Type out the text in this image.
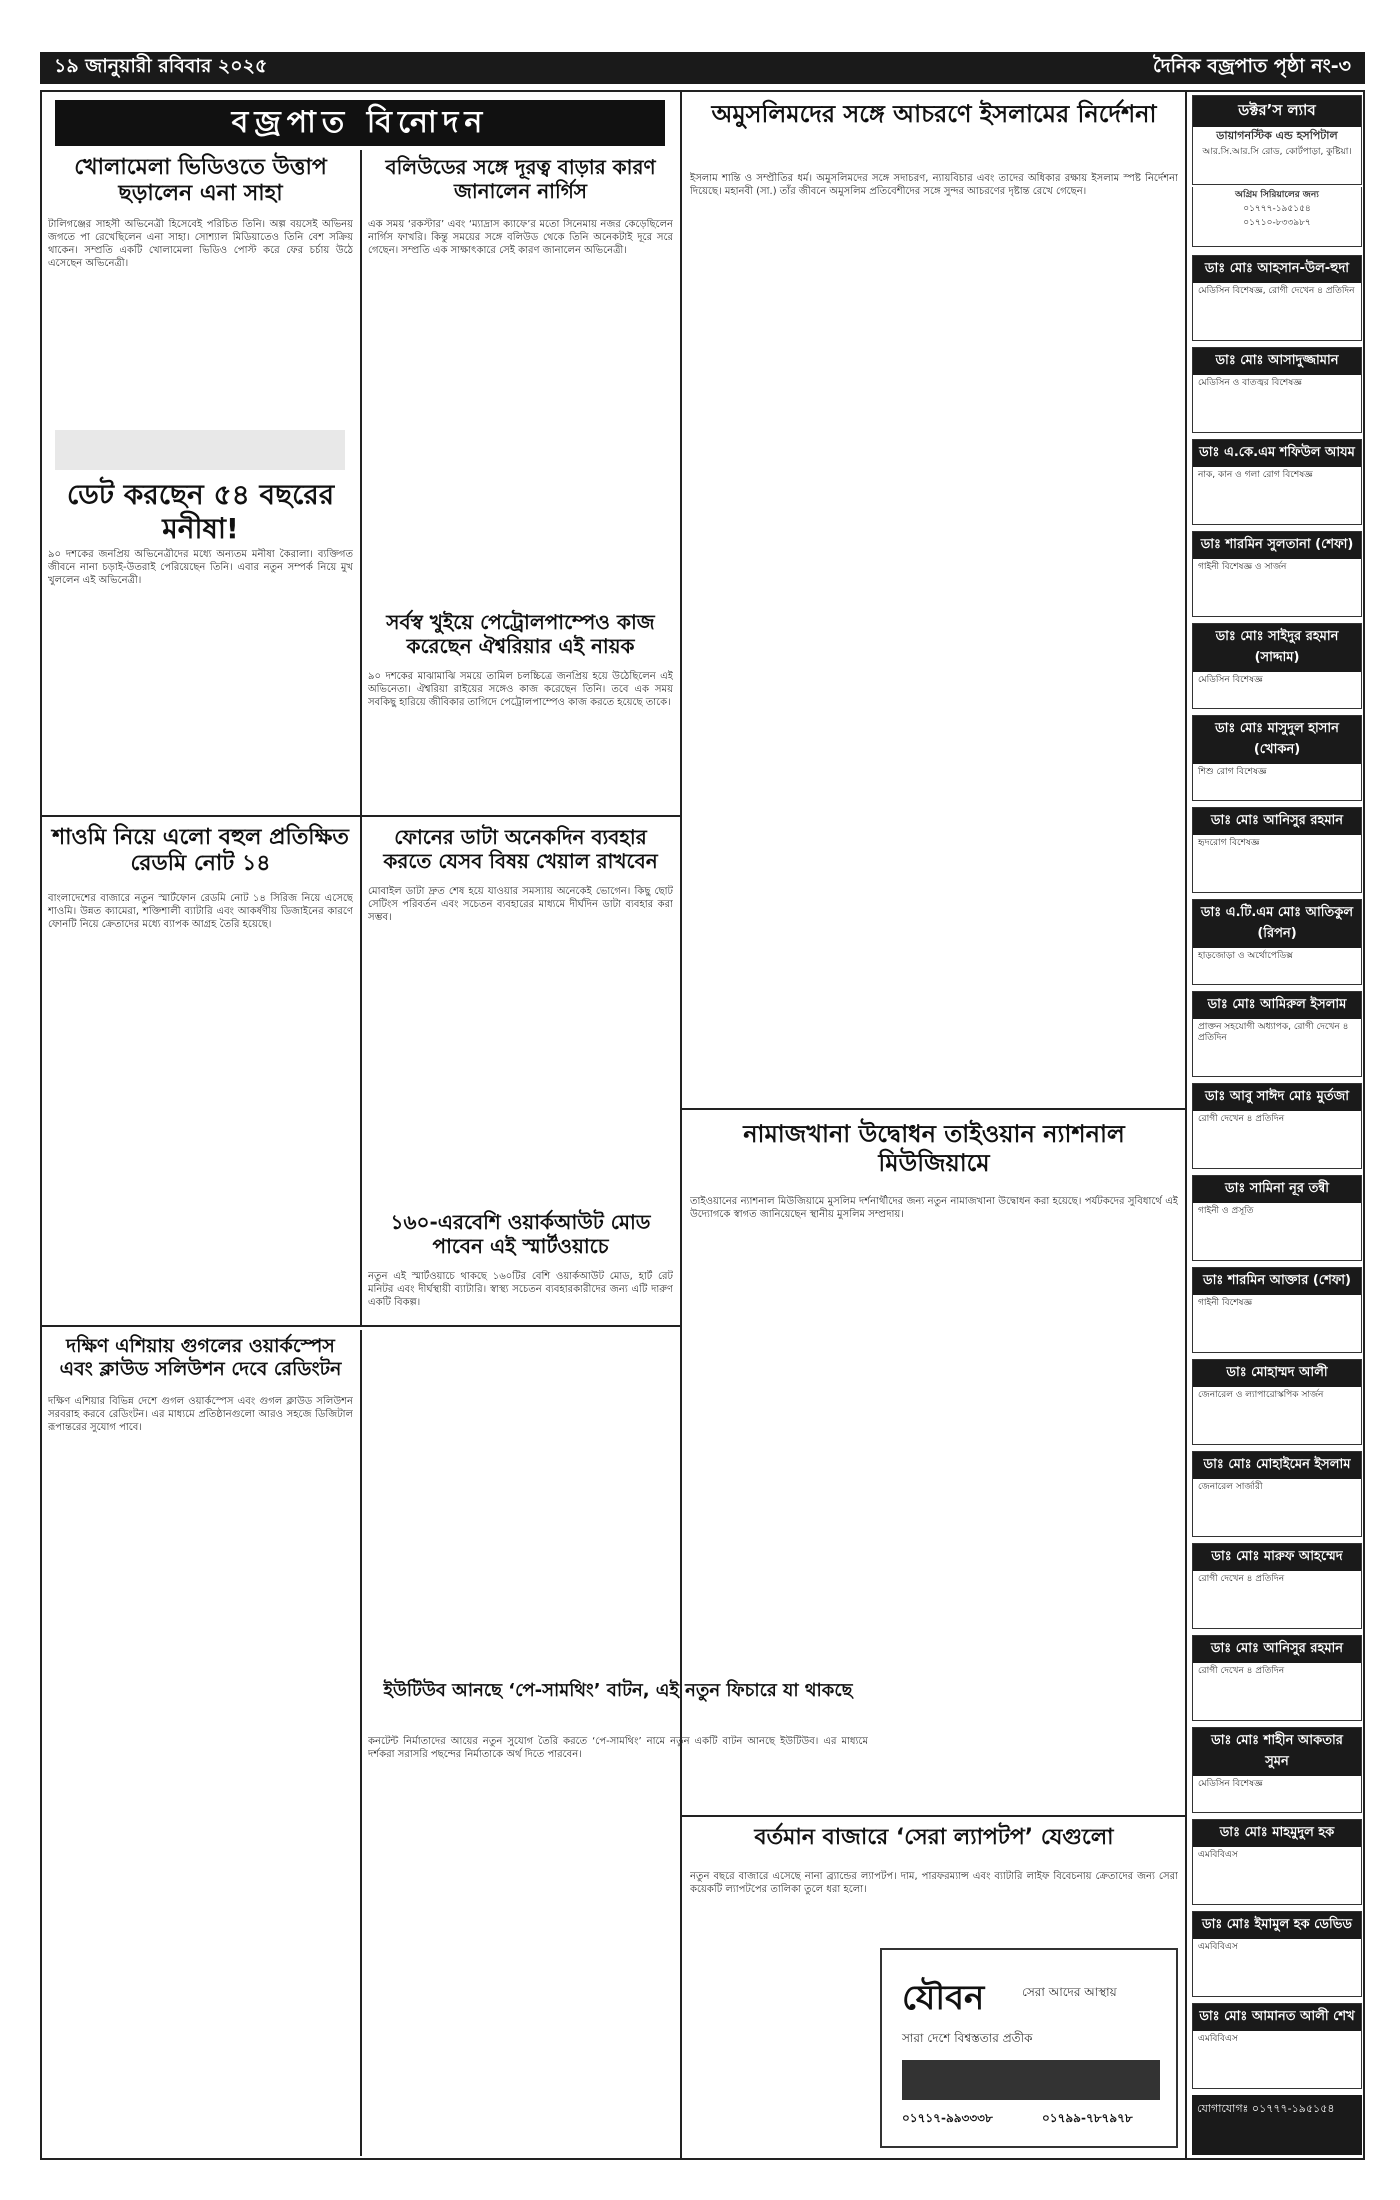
১৯ জানুয়ারী রবিবার ২০২৫	দৈনিক বজ্রপাত পৃষ্ঠা নং-৩
বজ্রপাত বিনোদন
খোলামেলা ভিডিওতে উত্তাপ ছড়ালেন এনা সাহা
টালিগঞ্জের সাহসী অভিনেত্রী হিসেবেই পরিচিত তিনি। অল্প বয়সেই অভিনয় জগতে পা রেখেছিলেন এনা সাহা। সোশ্যাল মিডিয়াতেও তিনি বেশ সক্রিয় থাকেন। সম্প্রতি একটি খোলামেলা ভিডিও পোস্ট করে ফের চর্চায় উঠে এসেছেন অভিনেত্রী।
বলিউডের সঙ্গে দূরত্ব বাড়ার কারণ জানালেন নার্গিস
এক সময় ‘রকস্টার’ এবং ‘ম্যাদ্রাস ক্যাফে’র মতো সিনেমায় নজর কেড়েছিলেন নার্গিস ফাখরি। কিন্তু সময়ের সঙ্গে বলিউড থেকে তিনি অনেকটাই দূরে সরে গেছেন। সম্প্রতি এক সাক্ষাৎকারে সেই কারণ জানালেন অভিনেত্রী।
ডেট করছেন ৫৪ বছরের মনীষা!
৯০ দশকের জনপ্রিয় অভিনেত্রীদের মধ্যে অন্যতম মনীষা কৈরালা। ব্যক্তিগত জীবনে নানা চড়াই-উতরাই পেরিয়েছেন তিনি। এবার নতুন সম্পর্ক নিয়ে মুখ খুললেন এই অভিনেত্রী।
সর্বস্ব খুইয়ে পেট্রোলপাম্পেও কাজ করেছেন ঐশ্বরিয়ার এই নায়ক
৯০ দশকের মাঝামাঝি সময়ে তামিল চলচ্চিত্রে জনপ্রিয় হয়ে উঠেছিলেন এই অভিনেতা। ঐশ্বরিয়া রাইয়ের সঙ্গেও কাজ করেছেন তিনি। তবে এক সময় সবকিছু হারিয়ে জীবিকার তাগিদে পেট্রোলপাম্পেও কাজ করতে হয়েছে তাকে।
শাওমি নিয়ে এলো বহুল প্রতিক্ষিত রেডমি নোট ১৪
বাংলাদেশের বাজারে নতুন স্মার্টফোন রেডমি নোট ১৪ সিরিজ নিয়ে এসেছে শাওমি। উন্নত ক্যামেরা, শক্তিশালী ব্যাটারি এবং আকর্ষণীয় ডিজাইনের কারণে ফোনটি নিয়ে ক্রেতাদের মধ্যে ব্যাপক আগ্রহ তৈরি হয়েছে।
ফোনের ডাটা অনেকদিন ব্যবহার করতে যেসব বিষয় খেয়াল রাখবেন
মোবাইল ডাটা দ্রুত শেষ হয়ে যাওয়ার সমস্যায় অনেকেই ভোগেন। কিছু ছোট সেটিংস পরিবর্তন এবং সচেতন ব্যবহারের মাধ্যমে দীর্ঘদিন ডাটা ব্যবহার করা সম্ভব।
১৬০-এরবেশি ওয়ার্কআউট মোড পাবেন এই স্মার্টওয়াচে
নতুন এই স্মার্টওয়াচে থাকছে ১৬০টির বেশি ওয়ার্কআউট মোড, হার্ট রেট মনিটর এবং দীর্ঘস্থায়ী ব্যাটারি। স্বাস্থ্য সচেতন ব্যবহারকারীদের জন্য এটি দারুণ একটি বিকল্প।
দক্ষিণ এশিয়ায় গুগলের ওয়ার্কস্পেস এবং ক্লাউড সলিউশন দেবে রেডিংটন
দক্ষিণ এশিয়ার বিভিন্ন দেশে গুগল ওয়ার্কস্পেস এবং গুগল ক্লাউড সলিউশন সরবরাহ করবে রেডিংটন। এর মাধ্যমে প্রতিষ্ঠানগুলো আরও সহজে ডিজিটাল রূপান্তরের সুযোগ পাবে।
অমুসলিমদের সঙ্গে আচরণে ইসলামের নির্দেশনা
ইসলাম শান্তি ও সম্প্রীতির ধর্ম। অমুসলিমদের সঙ্গে সদাচরণ, ন্যায়বিচার এবং তাদের অধিকার রক্ষায় ইসলাম স্পষ্ট নির্দেশনা দিয়েছে। মহানবী (সা.) তাঁর জীবনে অমুসলিম প্রতিবেশীদের সঙ্গে সুন্দর আচরণের দৃষ্টান্ত রেখে গেছেন।
নামাজখানা উদ্বোধন তাইওয়ান ন্যাশনাল মিউজিয়ামে
তাইওয়ানের ন্যাশনাল মিউজিয়ামে মুসলিম দর্শনার্থীদের জন্য নতুন নামাজখানা উদ্বোধন করা হয়েছে। পর্যটকদের সুবিধার্থে এই উদ্যোগকে স্বাগত জানিয়েছেন স্থানীয় মুসলিম সম্প্রদায়।
বর্তমান বাজারে ‘সেরা ল্যাপটপ’ যেগুলো
নতুন বছরে বাজারে এসেছে নানা ব্র্যান্ডের ল্যাপটপ। দাম, পারফরম্যান্স এবং ব্যাটারি লাইফ বিবেচনায় ক্রেতাদের জন্য সেরা কয়েকটি ল্যাপটপের তালিকা তুলে ধরা হলো।
ইউটিউব আনছে ‘পে-সামথিং’ বাটন, এই নতুন ফিচারে যা থাকছে
কনটেন্ট নির্মাতাদের আয়ের নতুন সুযোগ তৈরি করতে ‘পে-সামথিং’ নামে নতুন একটি বাটন আনছে ইউটিউব। এর মাধ্যমে দর্শকরা সরাসরি পছন্দের নির্মাতাকে অর্থ দিতে পারবেন।
যৌবন	সেরা আদের আস্থায়
সারা দেশে বিশ্বস্ততার প্রতীক
০১৭১৭-৯৯৩৩৩৮	০১৭৯৯-৭৮৭৯৭৮
ডক্টর’স ল্যাব
ডায়াগনস্টিক এন্ড হসপিটাল
আর.সি.আর.সি রোড, কোর্টপাড়া, কুষ্টিয়া।
অগ্রিম সিরিয়ালের জন্য
০১৭৭৭-১৯৫১৫৪
০১৭১০-৮৩৩৯৮৭
ডাঃ মোঃ আহসান-উল-হুদা
মেডিসিন বিশেষজ্ঞ, রোগী দেখেন ৪ প্রতিদিন
ডাঃ মোঃ আসাদুজ্জামান
মেডিসিন ও বাতজ্বর বিশেষজ্ঞ
ডাঃ এ.কে.এম শফিউল আযম
নাক, কান ও গলা রোগ বিশেষজ্ঞ
ডাঃ শারমিন সুলতানা (শেফা)
গাইনী বিশেষজ্ঞ ও সার্জন
ডাঃ মোঃ সাইদুর রহমান (সাদ্দাম)
মেডিসিন বিশেষজ্ঞ
ডাঃ মোঃ মাসুদুল হাসান (খোকন)
শিশু রোগ বিশেষজ্ঞ
ডাঃ মোঃ আনিসুর রহমান
হৃদরোগ বিশেষজ্ঞ
ডাঃ এ.টি.এম মোঃ আতিকুল (রিপন)
হাড়জোড়া ও অর্থোপেডিক্স
ডাঃ মোঃ আমিরুল ইসলাম
প্রাক্তন সহযোগী অধ্যাপক, রোগী দেখেন ৪ প্রতিদিন
ডাঃ আবু সাঈদ মোঃ মুর্তজা
রোগী দেখেন ৪ প্রতিদিন
ডাঃ সামিনা নূর তন্বী
গাইনী ও প্রসূতি
ডাঃ শারমিন আক্তার (শেফা)
গাইনী বিশেষজ্ঞ
ডাঃ মোহাম্মদ আলী
জেনারেল ও ল্যাপারোস্কপিক সার্জন
ডাঃ মোঃ মোহাইমেন ইসলাম
জেনারেল সার্জারী
ডাঃ মোঃ মারুফ আহম্মেদ
রোগী দেখেন ৪ প্রতিদিন
ডাঃ মোঃ আনিসুর রহমান
রোগী দেখেন ৪ প্রতিদিন
ডাঃ মোঃ শাহীন আকতার সুমন
মেডিসিন বিশেষজ্ঞ
ডাঃ মোঃ মাহমুদুল হক
এমবিবিএস
ডাঃ মোঃ ইমামুল হক ডেভিড
এমবিবিএস
ডাঃ মোঃ আমানত আলী শেখ
এমবিবিএস
যোগাযোগঃ ০১৭৭৭-১৯৫১৫৪
